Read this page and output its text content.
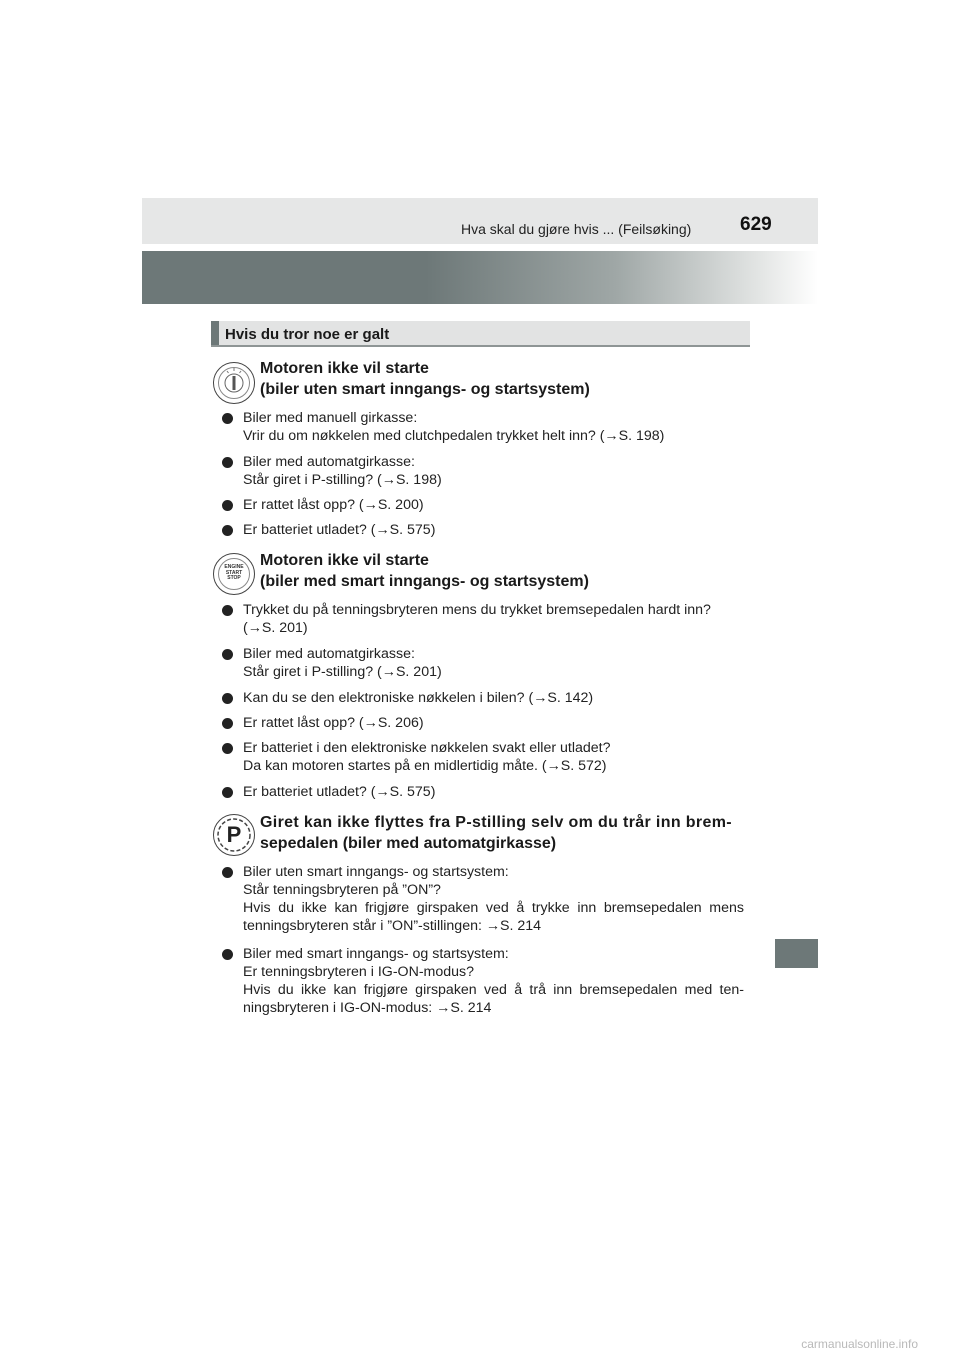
Hva skal du gjøre hvis ... (Feilsøking)	629
Hvis du tror noe er galt
Motoren ikke vil starte
(biler uten smart inngangs- og startsystem)
Biler med manuell girkasse:
Vrir du om nøkkelen med clutchpedalen trykket helt inn? (→S. 198)
Biler med automatgirkasse:
Står giret i P-stilling? (→S. 198)
Er rattet låst opp? (→S. 200)
Er batteriet utladet? (→S. 575)
ENGINE
START
STOP
Motoren ikke vil starte
(biler med smart inngangs- og startsystem)
Trykket du på tenningsbryteren mens du trykket bremsepedalen hardt inn?
(→S. 201)
Biler med automatgirkasse:
Står giret i P-stilling? (→S. 201)
Kan du se den elektroniske nøkkelen i bilen? (→S. 142)
Er rattet låst opp? (→S. 206)
Er batteriet i den elektroniske nøkkelen svakt eller utladet?
Da kan motoren startes på en midlertidig måte. (→S. 572)
Er batteriet utladet? (→S. 575)
P	Giret kan ikke flyttes fra P-stilling selv om du trår inn brem-
sepedalen (biler med automatgirkasse)
Biler uten smart inngangs- og startsystem:
Står tenningsbryteren på ”ON”?
Hvis du ikke kan frigjøre girspaken ved å trykke inn bremsepedalen mens tenningsbryteren står i ”ON”-stillingen: →S. 214
Biler med smart inngangs- og startsystem:
Er tenningsbryteren i IG-ON-modus?
Hvis du ikke kan frigjøre girspaken ved å trå inn bremsepedalen med ten-ningsbryteren i IG-ON-modus: →S. 214
carmanualsonline.info
